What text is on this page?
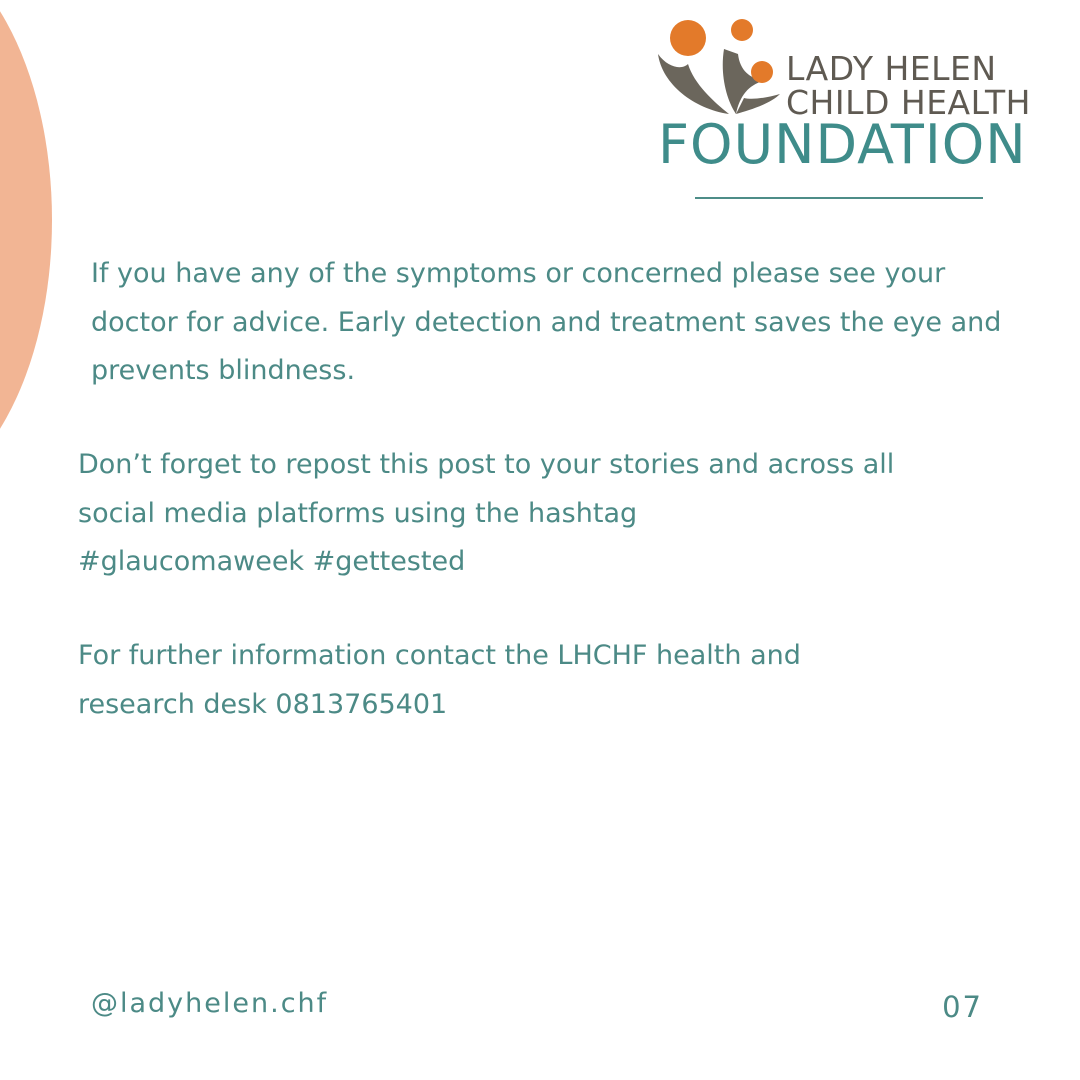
LADY HELEN
CHILD HEALTH
FOUNDATION

If you have any of the symptoms or concerned please see your doctor for advice. Early detection and treatment saves the eye and prevents blindness.

Don’t forget to repost this post to your stories and across all
social media platforms using the hashtag
#glaucomaweek #gettested

For further information contact the LHCHF health and
research desk 0813765401

@ladyhelen.chf	07
